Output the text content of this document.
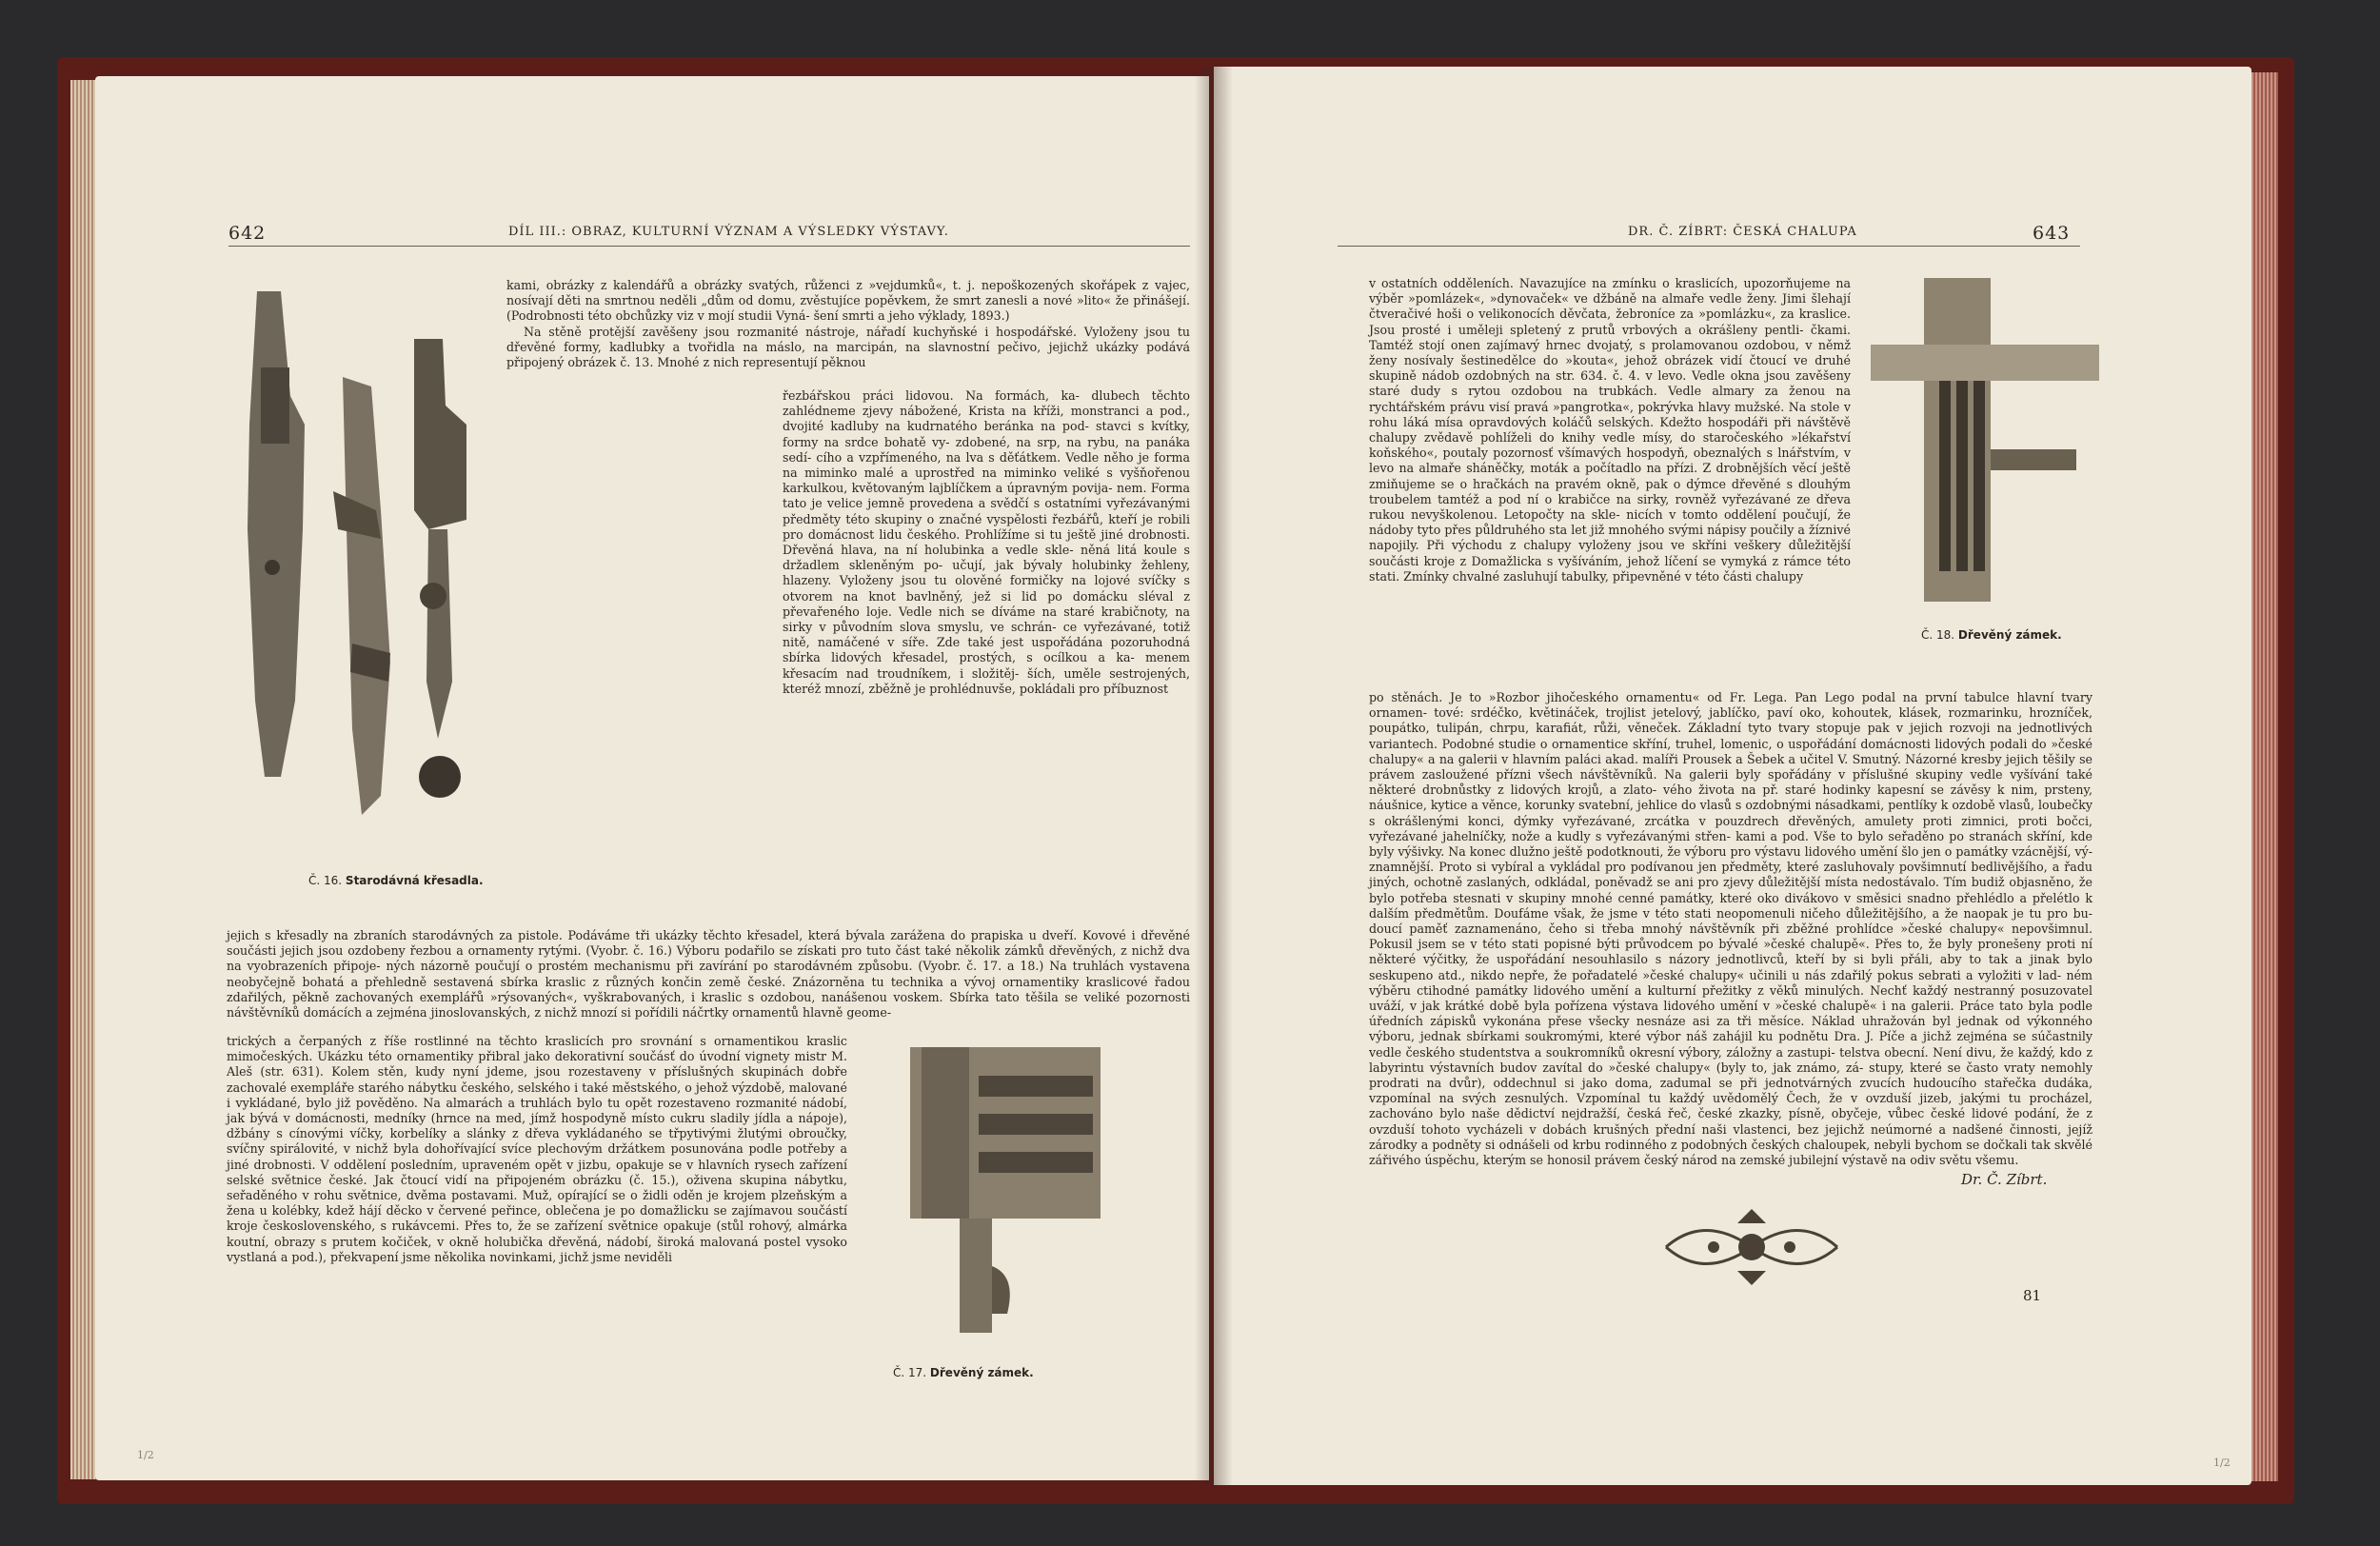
642	DÍL III.: OBRAZ, KULTURNÍ VÝZNAM A VÝSLEDKY VÝSTAVY.
Č. 16. Starodávná křesadla.

kami, obrázky z kalendářů a obrázky svatých, růženci z »vejdumků«, t. j. nepoškozených skořápek z vajec, nosívají děti na smrtnou neděli „dům od domu, zvěstujíce popěvkem, že smrt zanesli a nové »lito« že přinášejí. (Podrobnosti této obchůzky viz v mojí studii Vyná- šení smrti a jeho výklady, 1893.)

Na stěně protější zavěšeny jsou rozmanité nástroje, nářadí kuchyňské i hospodářské. Vyloženy jsou tu dřevěné formy, kadlubky a tvořidla na máslo, na marcipán, na slavnostní pečivo, jejichž ukázky podává připojený obrázek č. 13. Mnohé z nich representují pěknou

řezbářskou práci lidovou. Na formách, ka- dlubech těchto zahlédneme zjevy nábožené, Krista na kříži, monstranci a pod., dvojité kadluby na kudrnatého beránka na pod- stavci s kvítky, formy na srdce bohatě vy- zdobené, na srp, na rybu, na panáka sedí- cího a vzpřímeného, na lva s děťátkem. Vedle něho je forma na miminko malé a uprostřed na miminko veliké s vyšňořenou karkulkou, květovaným lajblíčkem a úpravným povija- nem. Forma tato je velice jemně provedena a svědčí s ostatními vyřezávanými předměty této skupiny o značné vyspělosti řezbářů, kteří je robili pro domácnost lidu českého. Prohlížíme si tu ještě jiné drobnosti. Dřevěná hlava, na ní holubinka a vedle skle- něná litá koule s držadlem skleněným po- učují, jak bývaly holubinky žehleny, hlazeny. Vyloženy jsou tu olověné formičky na lojové svíčky s otvorem na knot bavlněný, jež si lid po domácku sléval z převařeného loje. Vedle nich se díváme na staré krabičnoty, na sirky v původním slova smyslu, ve schrán- ce vyřezávané, totiž nitě, namáčené v síře. Zde také jest uspořádána pozoruhodná sbírka lidových křesadel, prostých, s ocílkou a ka- menem křesacím nad troudníkem, i složitěj- ších, uměle sestrojených, kteréž mnozí, zběžně je prohlédnuvše, pokládali pro příbuznost

jejich s křesadly na zbraních starodávných za pistole. Podáváme tři ukázky těchto křesadel, která bývala zarážena do prapiska u dveří. Kovové i dřevěné součásti jejich jsou ozdobeny řezbou a ornamenty rytými. (Vyobr. č. 16.) Výboru podařilo se získati pro tuto část také několik zámků dřevěných, z nichž dva na vyobrazeních připoje- ných názorně poučují o prostém mechanismu při zavírání po starodávném způsobu. (Vyobr. č. 17. a 18.) Na truhlách vystavena neobyčejně bohatá a přehledně sestavená sbírka kraslic z různých končin země české. Znázorněna tu technika a vývoj ornamentiky kraslicové řadou zdařilých, pěkně zachovaných exemplářů »rýsovaných«, vyškrabovaných, i kraslic s ozdobou, nanášenou voskem. Sbírka tato těšila se veliké pozornosti návštěvníků domácích a zejména jinoslovanských, z nichž mnozí si pořídili náčrtky ornamentů hlavně geome-

trických a čerpaných z říše rostlinné na těchto kraslicích pro srovnání s ornamentikou kraslic mimočeských. Ukázku této ornamentiky přibral jako dekorativní součásť do úvodní vignety mistr M. Aleš (str. 631). Kolem stěn, kudy nyní jdeme, jsou rozestaveny v příslušných skupinách dobře zachovalé exempláře starého nábytku českého, selského i také městského, o jehož výzdobě, malované i vykládané, bylo již pověděno. Na almarách a truhlách bylo tu opět rozestaveno rozmanité nádobí, jak bývá v domácnosti, medníky (hrnce na med, jímž hospodyně místo cukru sladily jídla a nápoje), džbány s cínovými víčky, korbelíky a slánky z dřeva vykládaného se třpytivými žlutými obroučky, svíčny spirálovité, v nichž byla dohořívající svíce plechovým držátkem posunována podle potřeby a jiné drobnosti. V oddělení posledním, upraveném opět v jizbu, opakuje se v hlavních rysech zařízení selské světnice české. Jak čtoucí vidí na připojeném obrázku (č. 15.), oživena skupina nábytku, seřaděného v rohu světnice, dvěma postavami. Muž, opírající se o židli oděn je krojem plzeňským a žena u kolébky, kdež hájí děcko v červené peřince, oblečena je po domažlicku se zajímavou součástí kroje československého, s rukávcemi. Přes to, že se zařízení světnice opakuje (stůl rohový, almárka koutní, obrazy s prutem kočiček, v okně holubička dřevěná, nádobí, široká malovaná postel vysoko vystlaná a pod.), překvapení jsme několika novinkami, jichž jsme neviděli

Č. 17. Dřevěný zámek.
1/2
DR. Č. ZÍBRT: ČESKÁ CHALUPA	643

v ostatních odděleních. Navazujíce na zmínku o kraslicích, upozorňujeme na výběr »pomlázek«, »dynovaček« ve džbáně na almaře vedle ženy. Jimi šlehají čtveračivé hoši o velikonocích děvčata, žebroníce za »pomlázku«, za kraslice. Jsou prosté i uměleji spletený z prutů vrbových a okrášleny pentli- čkami. Tamtéž stojí onen zajímavý hrnec dvojatý, s prolamovanou ozdobou, v němž ženy nosívaly šestinedělce do »kouta«, jehož obrázek vidí čtoucí ve druhé skupině nádob ozdobných na str. 634. č. 4. v levo. Vedle okna jsou zavěšeny staré dudy s rytou ozdobou na trubkách. Vedle almary za ženou na rychtářském právu visí pravá »pangrotka«, pokrývka hlavy mužské. Na stole v rohu láká mísa opravdových koláčů selských. Kdežto hospodáři při návštěvě chalupy zvědavě pohlíželi do knihy vedle mísy, do staročeského »lékařství koňského«, poutaly pozornosť všímavých hospodyň, obeznalých s lnářstvím, v levo na almaře sháněčky, moták a počítadlo na přízi. Z drobnějších věcí ještě zmiňujeme se o hračkách na pravém okně, pak o dýmce dřevěné s dlouhým troubelem tamtéž a pod ní o krabičce na sirky, rovněž vyřezávané ze dřeva rukou nevyškolenou. Letopočty na skle- nicích v tomto oddělení poučují, že nádoby tyto přes půldruhého sta let již mnohého svými nápisy poučily a žíznivé napojily. Při východu z chalupy vyloženy jsou ve skříni veškery důležitější součásti kroje z Domažlicka s vyšíváním, jehož líčení se vymyká z rámce této stati. Zmínky chvalné zasluhují tabulky, připevněné v této části chalupy

Č. 18. Dřevěný zámek.

po stěnách. Je to »Rozbor jihočeského ornamentu« od Fr. Lega. Pan Lego podal na první tabulce hlavní tvary ornamen- tové: srdéčko, květináček, trojlist jetelový, jablíčko, paví oko, kohoutek, klásek, rozmarinku, hrozníček, poupátko, tulipán, chrpu, karafiát, růži, věneček. Základní tyto tvary stopuje pak v jejich rozvoji na jednotlivých variantech. Podobné studie o ornamentice skříní, truhel, lomenic, o uspořádání domácnosti lidových podali do »české chalupy« a na galerii v hlavním paláci akad. malíři Prousek a Šebek a učitel V. Smutný. Názorné kresby jejich těšily se právem zasloužené přízni všech návštěvníků. Na galerii byly spořádány v příslušné skupiny vedle vyšívání také některé drobnůstky z lidových krojů, a zlato- vého života na př. staré hodinky kapesní se závěsy k nim, prsteny, náušnice, kytice a věnce, korunky svatební, jehlice do vlasů s ozdobnými násadkami, pentlíky k ozdobě vlasů, loubečky s okrášlenými konci, dýmky vyřezávané, zrcátka v pouzdrech dřevěných, amulety proti zimnici, proti bočci, vyřezávané jahelníčky, nože a kudly s vyřezávanými střen- kami a pod. Vše to bylo seřaděno po stranách skříní, kde byly výšivky. Na konec dlužno ještě podotknouti, že výboru pro výstavu lidového umění šlo jen o památky vzácnější, vý- znamnější. Proto si vybíral a vykládal pro podívanou jen předměty, které zasluhovaly povšimnutí bedlivějšího, a řadu jiných, ochotně zaslaných, odkládal, poněvadž se ani pro zjevy důležitější místa nedostávalo. Tím budiž objasněno, že bylo potřeba stesnati v skupiny mnohé cenné památky, které oko divákovo v směsici snadno přehlédlo a přelétlo k dalším předmětům. Doufáme však, že jsme v této stati neopomenuli ničeho důležitějšího, a že naopak je tu pro bu- doucí paměť zaznamenáno, čeho si třeba mnohý návštěvník při zběžné prohlídce »české chalupy« nepovšimnul. Pokusil jsem se v této stati popisné býti průvodcem po bývalé »české chalupě«. Přes to, že byly pronešeny proti ní některé výčitky, že uspořádání nesouhlasilo s názory jednotlivců, kteří by si byli přáli, aby to tak a jinak bylo seskupeno atd., nikdo nepře, že pořadatelé »české chalupy« učinili u nás zdařilý pokus sebrati a vyložiti v lad- ném výběru ctihodné památky lidového umění a kulturní přežitky z věků minulých. Nechť každý nestranný posuzovatel uváží, v jak krátké době byla pořízena výstava lidového umění v »české chalupě« i na galerii. Práce tato byla podle úředních zápisků vykonána přese všecky nesnáze asi za tři měsíce. Náklad uhražován byl jednak od výkonného výboru, jednak sbírkami soukromými, které výbor náš zahájil ku podnětu Dra. J. Píče a jichž zejména se súčastnily vedle českého studentstva a soukromníků okresní výbory, záložny a zastupi- telstva obecní. Není divu, že každý, kdo z labyrintu výstavních budov zavítal do »české chalupy« (byly to, jak známo, zá- stupy, které se často vraty nemohly prodrati na dvůr), oddechnul si jako doma, zadumal se při jednotvárných zvucích hudoucího stařečka dudáka, vzpomínal na svých zesnulých. Vzpomínal tu každý uvědomělý Čech, že v ovzduší jizeb, jakými tu procházel, zachováno bylo naše dědictví nejdražší, česká řeč, české zkazky, písně, obyčeje, vůbec české lidové podání, že z ovzduší tohoto vycházeli v dobách krušných přední naši vlastenci, bez jejichž neúmorné a nadšené činnosti, jejíž zárodky a podněty si odnášeli od krbu rodinného z podobných českých chaloupek, nebyli bychom se dočkali tak skvělé zářivého úspěchu, kterým se honosil právem český národ na zemské jubilejní výstavě na odiv světu všemu.

Dr. Č. Zíbrt.
81
1/2
